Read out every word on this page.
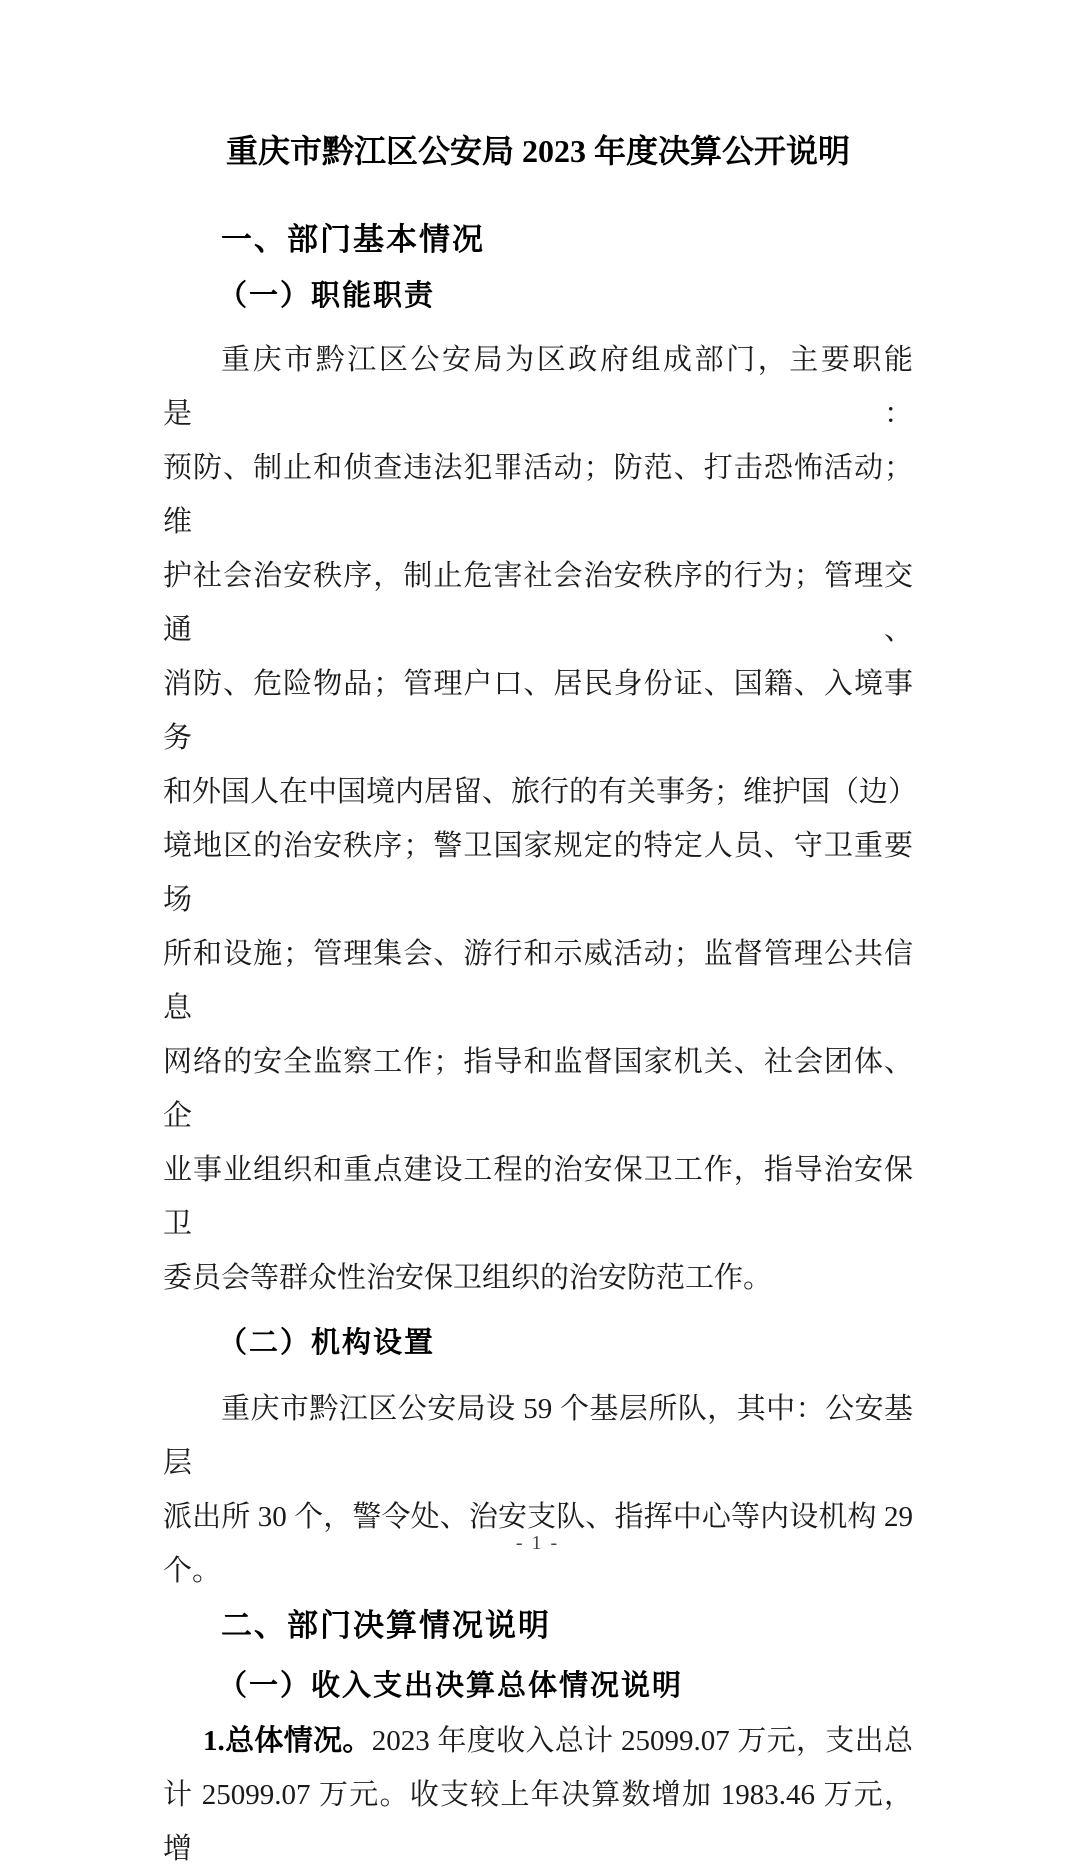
重庆市黔江区公安局 2023 年度决算公开说明
一、部门基本情况
（一）职能职责
重庆市黔江区公安局为区政府组成部门，主要职能是：
预防、制止和侦查违法犯罪活动；防范、打击恐怖活动；维
护社会治安秩序，制止危害社会治安秩序的行为；管理交通、
消防、危险物品；管理户口、居民身份证、国籍、入境事务
和外国人在中国境内居留、旅行的有关事务；维护国（边）
境地区的治安秩序；警卫国家规定的特定人员、守卫重要场
所和设施；管理集会、游行和示威活动；监督管理公共信息
网络的安全监察工作；指导和监督国家机关、社会团体、企
业事业组织和重点建设工程的治安保卫工作，指导治安保卫
委员会等群众性治安保卫组织的治安防范工作。
（二）机构设置
重庆市黔江区公安局设 59 个基层所队，其中：公安基层
派出所 30 个，警令处、治安支队、指挥中心等内设机构 29
个。
二、部门决算情况说明
（一）收入支出决算总体情况说明
1.总体情况。2023 年度收入总计 25099.07 万元，支出总
计 25099.07 万元。收支较上年决算数增加 1983.46 万元，增
- 1 -
